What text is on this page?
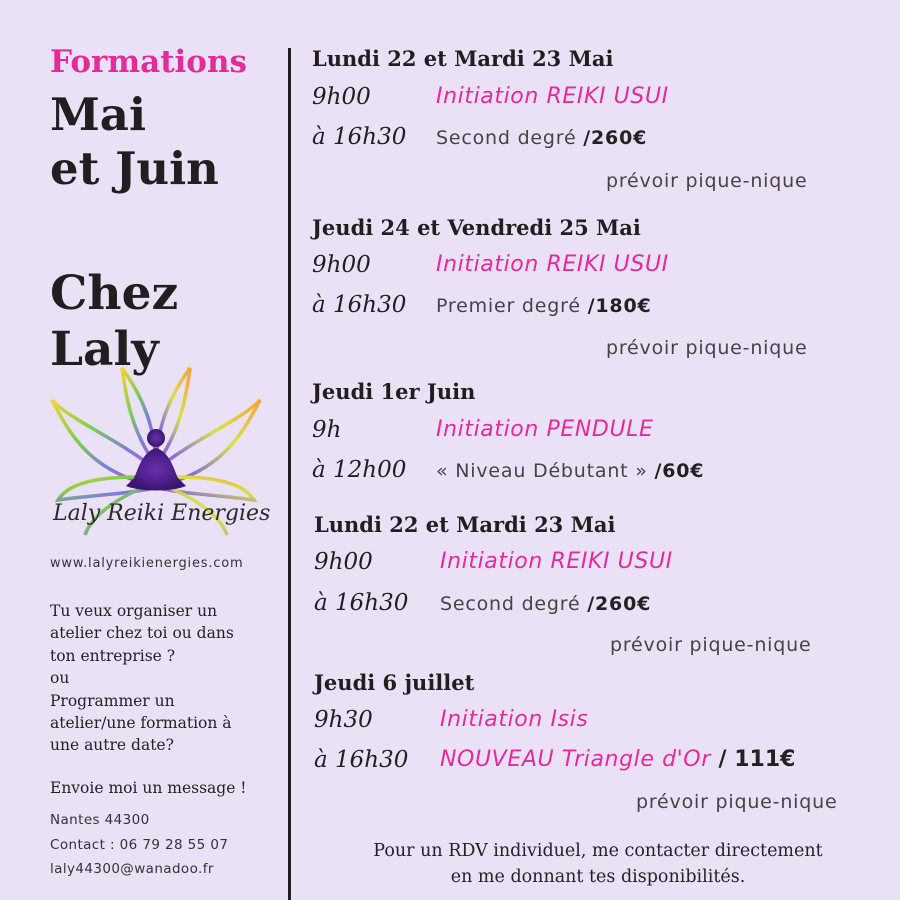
Formations
Mai
et Juin
Chez
Laly
Laly Reiki Energies
www.lalyreikienergies.com
Tu veux organiser un
atelier chez toi ou dans
ton entreprise ?
ou
Programmer un
atelier/une formation à
une autre date?
Envoie moi un message !
Nantes 44300
Contact : 06 79 28 55 07
laly44300@wanadoo.fr
Lundi 22 et Mardi 23 Mai
9h00	Initiation REIKI USUI
à 16h30 Second degré /260€
prévoir pique-nique
Jeudi 24 et Vendredi 25 Mai
9h00	Initiation REIKI USUI
à 16h30 Premier degré /180€
prévoir pique-nique
Jeudi 1er Juin
9h	Initiation PENDULE
à 12h00 « Niveau Débutant » /60€
Lundi 22 et Mardi 23 Mai
9h00	Initiation REIKI USUI
à 16h30 Second degré /260€
prévoir pique-nique
Jeudi 6 juillet
9h30	Initiation Isis
à 16h30 NOUVEAU Triangle d'Or / 111€
prévoir pique-nique
Pour un RDV individuel, me contacter directement
en me donnant tes disponibilités.
